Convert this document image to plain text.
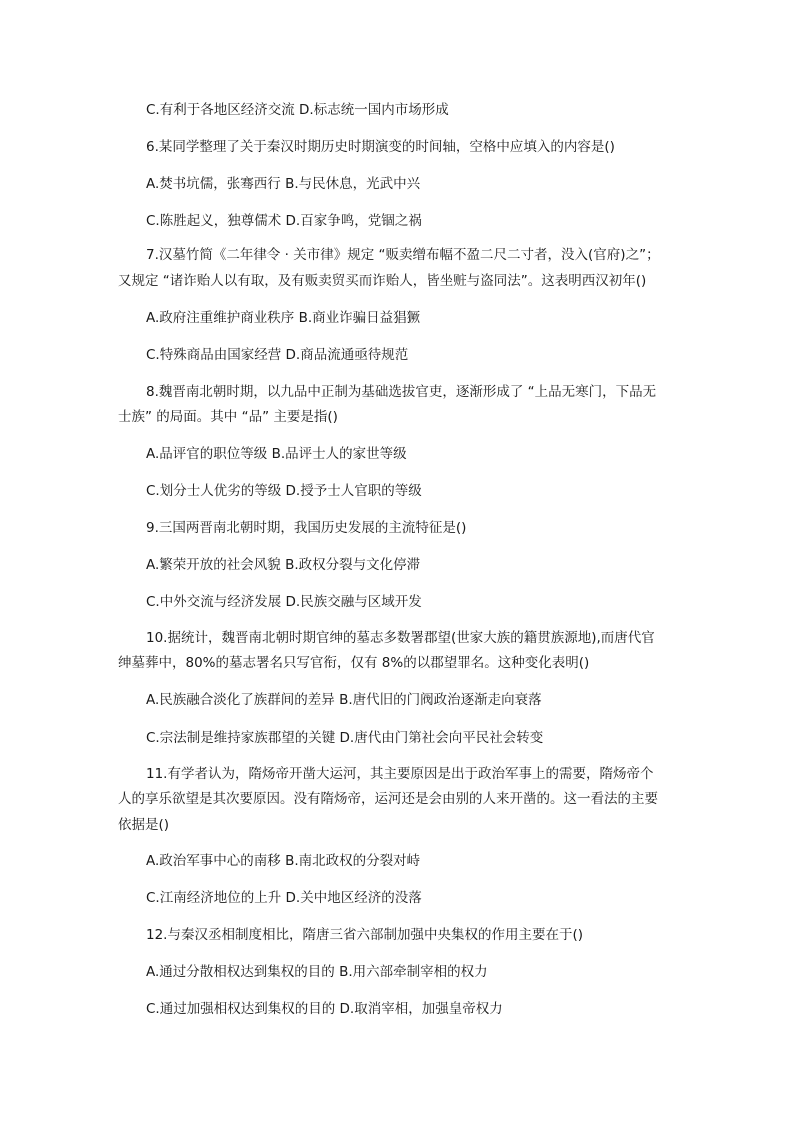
C.有利于各地区经济交流 D.标志统一国内市场形成
6.某同学整理了关于秦汉时期历史时期演变的时间轴，空格中应填入的内容是()
A.焚书坑儒，张骞西行 B.与民休息，光武中兴
C.陈胜起义，独尊儒术 D.百家争鸣，党锢之祸
7.汉墓竹简《二年律令 · 关市律》规定 “贩卖缯布幅不盈二尺二寸者，没入(官府)之”；
又规定 “诸诈贻人以有取，及有贩卖贸买而诈贻人，皆坐赃与盗同法”。这表明西汉初年()
A.政府注重维护商业秩序 B.商业诈骗日益猖獗
C.特殊商品由国家经营 D.商品流通亟待规范
8.魏晋南北朝时期，以九品中正制为基础选拔官吏，逐渐形成了 “上品无寒门，下品无
士族” 的局面。其中 “品” 主要是指()
A.品评官的职位等级 B.品评士人的家世等级
C.划分士人优劣的等级 D.授予士人官职的等级
9.三国两晋南北朝时期，我国历史发展的主流特征是()
A.繁荣开放的社会风貌 B.政权分裂与文化停滞
C.中外交流与经济发展 D.民族交融与区域开发
10.据统计，魏晋南北朝时期官绅的墓志多数署郡望(世家大族的籍贯族源地),而唐代官
绅墓葬中，80%的墓志署名只写官衔，仅有 8%的以郡望罪名。这种变化表明()
A.民族融合淡化了族群间的差异 B.唐代旧的门阀政治逐渐走向衰落
C.宗法制是维持家族郡望的关键 D.唐代由门第社会向平民社会转变
11.有学者认为，隋炀帝开凿大运河，其主要原因是出于政治军事上的需要，隋炀帝个
人的享乐欲望是其次要原因。没有隋炀帝，运河还是会由别的人来开凿的。这一看法的主要
依据是()
A.政治军事中心的南移 B.南北政权的分裂对峙
C.江南经济地位的上升 D.关中地区经济的没落
12.与秦汉丞相制度相比，隋唐三省六部制加强中央集权的作用主要在于()
A.通过分散相权达到集权的目的 B.用六部牵制宰相的权力
C.通过加强相权达到集权的目的 D.取消宰相，加强皇帝权力
